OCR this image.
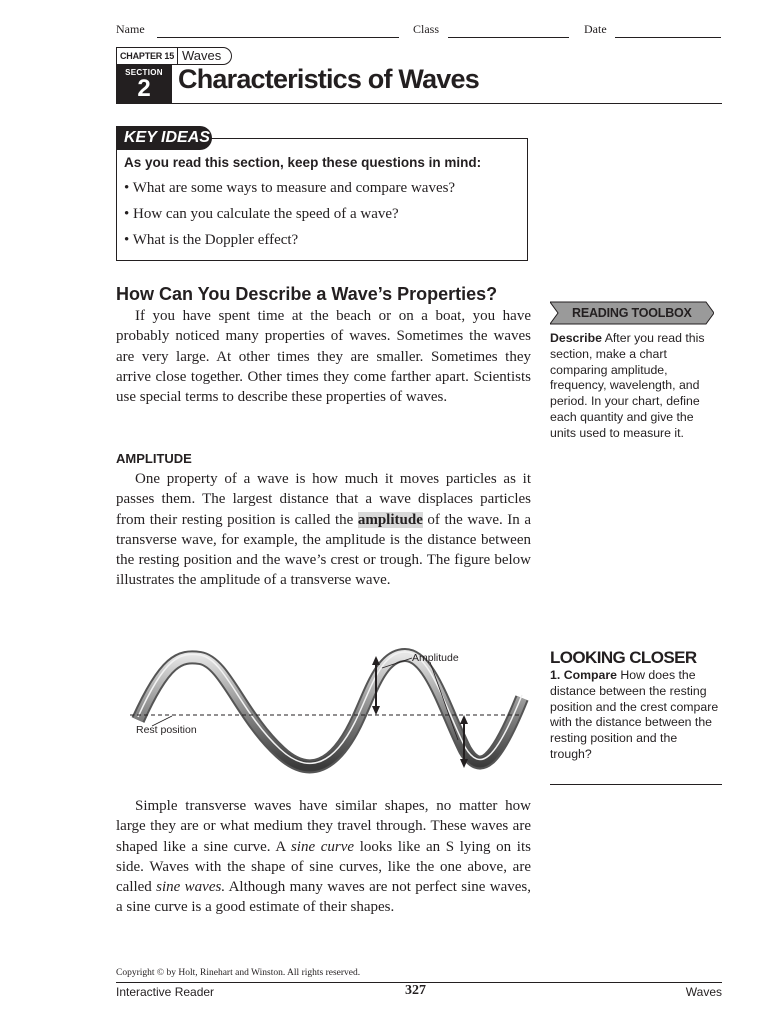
Name	Class	Date
CHAPTER 15 Waves
SECTION
2	Characteristics of Waves
KEY IDEAS
As you read this section, keep these questions in mind:
• What are some ways to measure and compare waves?
• How can you calculate the speed of a wave?
• What is the Doppler effect?
How Can You Describe a Wave’s Properties?

If you have spent time at the beach or on a boat, you have probably noticed many properties of waves. Sometimes the waves are very large. At other times they are smaller. Sometimes they arrive close together. Other times they come farther apart. Scientists use special terms to describe these properties of waves.

AMPLITUDE

One property of a wave is how much it moves particles as it passes them. The largest distance that a wave displaces particles from their resting position is called the amplitude of the wave. In a transverse wave, for example, the amplitude is the distance between the resting position and the wave’s crest or trough. The figure below illustrates the amplitude of a transverse wave.

Amplitude
Rest position

Simple transverse waves have similar shapes, no matter how large they are or what medium they travel through. These waves are shaped like a sine curve. A sine curve looks like an S lying on its side. Waves with the shape of sine curves, like the one above, are called sine waves. Although many waves are not perfect sine waves, a sine curve is a good estimate of their shapes.

READING TOOLBOX
Describe After you read this section, make a chart comparing amplitude, frequency, wavelength, and period. In your chart, define each quantity and give the units used to measure it.
LOOKING CLOSER
1. Compare How does the distance between the resting position and the crest compare with the distance between the resting position and the trough?
Copyright © by Holt, Rinehart and Winston. All rights reserved.
Interactive Reader	327	Waves
